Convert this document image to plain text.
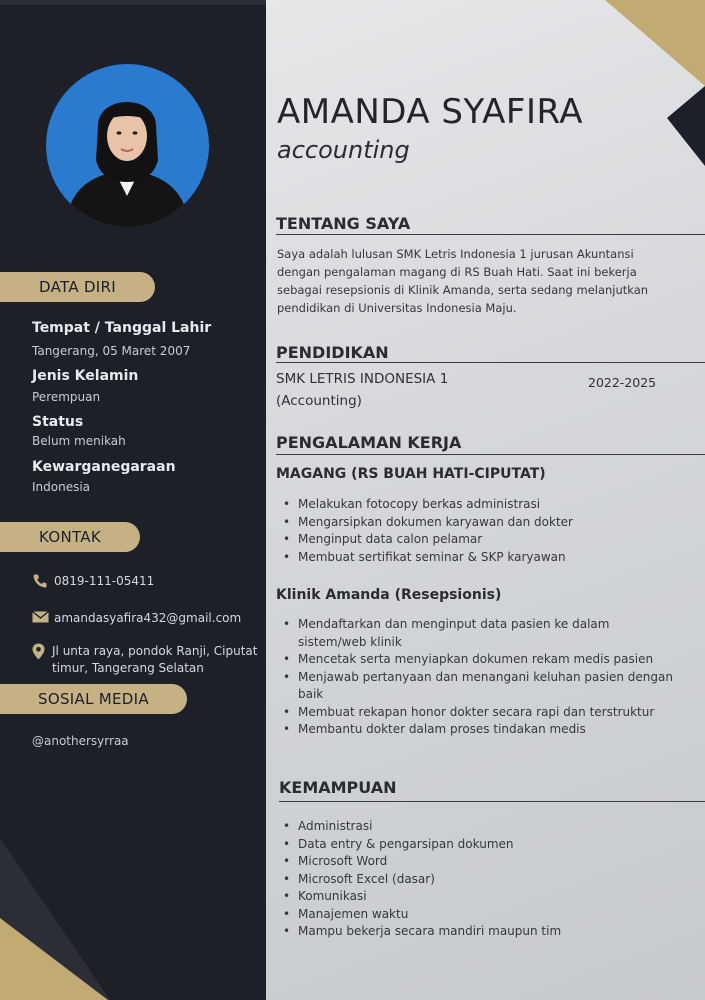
DATA DIRI
Tempat / Tanggal Lahir
Tangerang, 05 Maret 2007
Jenis Kelamin
Perempuan
Status
Belum menikah
Kewarganegaraan
Indonesia
KONTAK
0819-111-05411
amandasyafira432@gmail.com
Jl unta raya, pondok Ranji, Ciputat
timur, Tangerang Selatan
SOSIAL MEDIA
@anothersyrraa
AMANDA SYAFIRA
accounting
TENTANG SAYA
Saya adalah lulusan SMK Letris Indonesia 1 jurusan Akuntansi
dengan pengalaman magang di RS Buah Hati. Saat ini bekerja
sebagai resepsionis di Klinik Amanda, serta sedang melanjutkan
pendidikan di Universitas Indonesia Maju.
PENDIDIKAN
SMK LETRIS INDONESIA 1
(Accounting)
2022-2025
PENGALAMAN KERJA
MAGANG (RS BUAH HATI-CIPUTAT)
• Melakukan fotocopy berkas administrasi
• Mengarsipkan dokumen karyawan dan dokter
• Menginput data calon pelamar
• Membuat sertifikat seminar & SKP karyawan
Klinik Amanda (Resepsionis)
• Mendaftarkan dan menginput data pasien ke dalam
sistem/web klinik
• Mencetak serta menyiapkan dokumen rekam medis pasien
• Menjawab pertanyaan dan menangani keluhan pasien dengan
baik
• Membuat rekapan honor dokter secara rapi dan terstruktur
• Membantu dokter dalam proses tindakan medis
KEMAMPUAN
• Administrasi
• Data entry & pengarsipan dokumen
• Microsoft Word
• Microsoft Excel (dasar)
• Komunikasi
• Manajemen waktu
• Mampu bekerja secara mandiri maupun tim
